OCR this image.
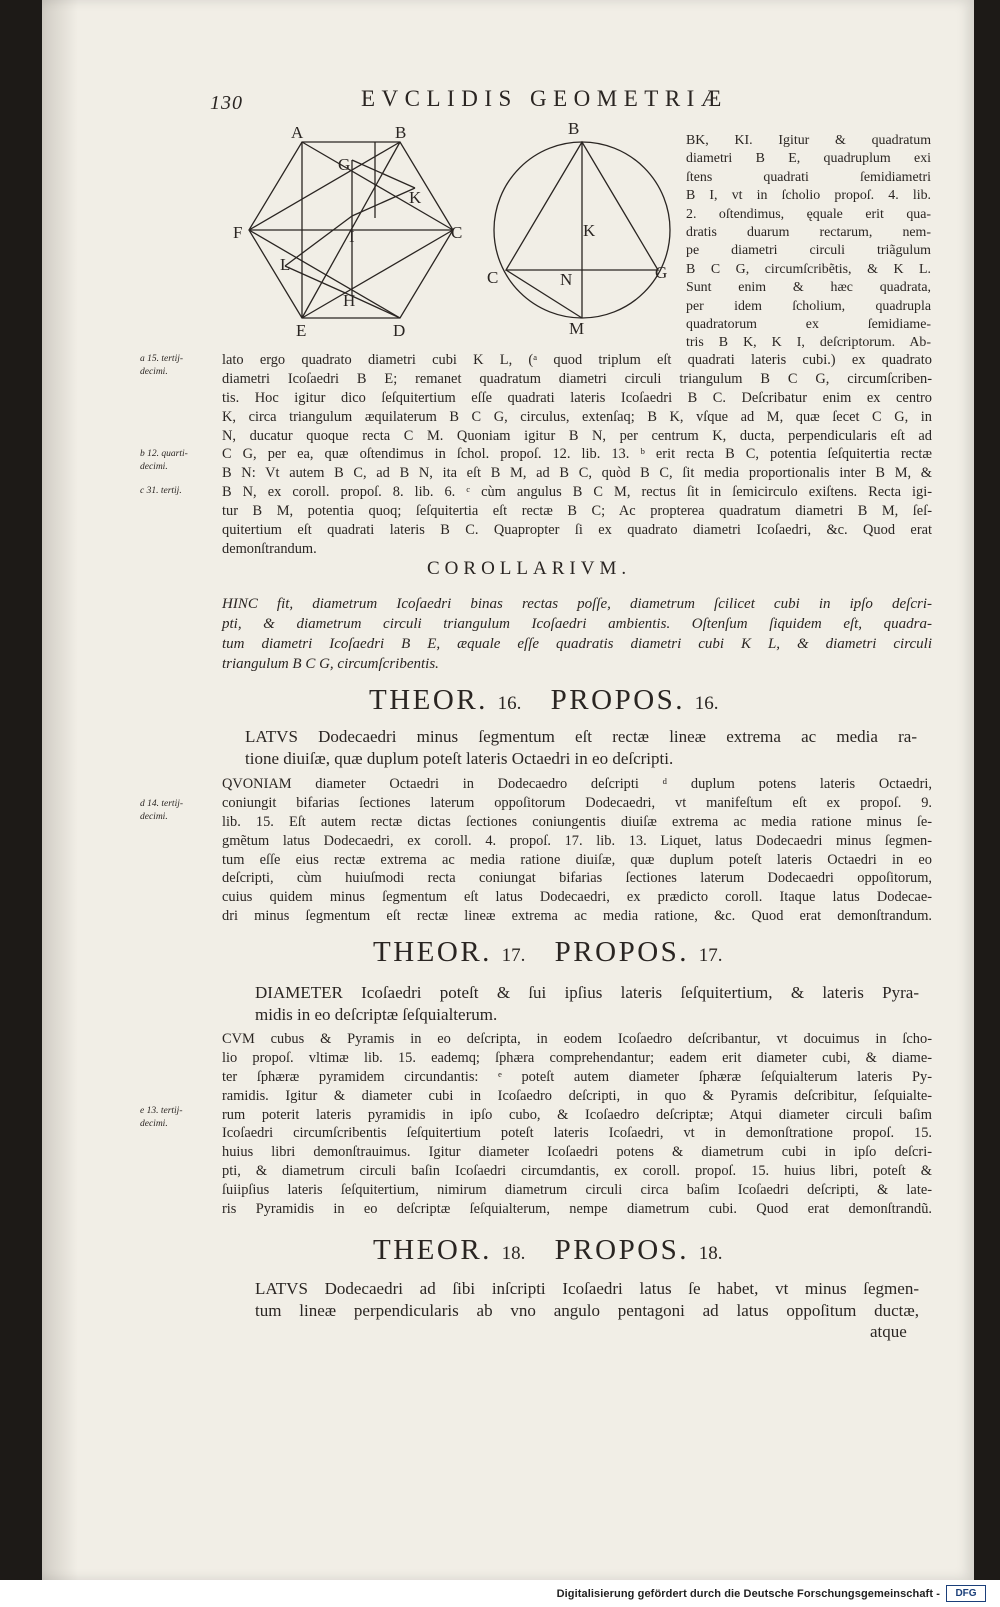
130	EVCLIDIS GEOMETRIÆ
A	B
G
K
F	I	C
L
H
E	D
B
K
C	N	G
M
BK, KI. Igitur & quadratum
diametri B E, quadruplum exi
ſtens quadrati ſemidiametri
B I, vt in ſcholio propoſ. 4. lib.
2. oſtendimus, ęquale erit qua-
dratis duarum rectarum, nem-
pe diametri circuli triãgulum
B C G, circumſcribẽtis, & K L.
Sunt enim & hæc quadrata,
per idem ſcholium, quadrupla
quadratorum ex ſemidiame-
tris B K, K I, deſcriptorum. Ab-
a 15. tertij-
decimi.
b 12. quarti-
decimi.
c 31. tertij.
d 14. tertij-
decimi.
e 13. tertij-
decimi.
lato ergo quadrato diametri cubi K L, (ᵃ quod triplum eſt quadrati lateris cubi.) ex quadrato
diametri Icoſaedri B E; remanet quadratum diametri circuli triangulum B C G, circumſcriben-
tis. Hoc igitur dico ſeſquitertium eſſe quadrati lateris Icoſaedri B C. Deſcribatur enim ex centro
K, circa triangulum æquilaterum B C G, circulus, extenſaq; B K, vſque ad M, quæ ſecet C G, in
N, ducatur quoque recta C M. Quoniam igitur B N, per centrum K, ducta, perpendicularis eſt ad
C G, per ea, quæ oſtendimus in ſchol. propoſ. 12. lib. 13. ᵇ erit recta B C, potentia ſeſquitertia rectæ
B N: Vt autem B C, ad B N, ita eſt B M, ad B C, quòd B C, ſit media proportionalis inter B M, &
B N, ex coroll. propoſ. 8. lib. 6. ᶜ cùm angulus B C M, rectus ſit in ſemicirculo exiſtens. Recta igi-
tur B M, potentia quoq; ſeſquitertia eſt rectæ B C; Ac propterea quadratum diametri B M, ſeſ-
quitertium eſt quadrati lateris B C. Quapropter ſi ex quadrato diametri Icoſaedri, &c. Quod erat
demonſtrandum.
COROLLARIVM.
HINC fit, diametrum Icoſaedri binas rectas poſſe, diametrum ſcilicet cubi in ipſo deſcri-
pti, & diametrum circuli triangulum Icoſaedri ambientis. Oſtenſum ſiquidem eſt, quadra-
tum diametri Icoſaedri B E, æquale eſſe quadratis diametri cubi K L, & diametri circuli
triangulum B C G, circumſcribentis.
THEOR. 16. PROPOS. 16.
LATVS Dodecaedri minus ſegmentum eſt rectæ lineæ extrema ac media ra-
tione diuiſæ, quæ duplum poteſt lateris Octaedri in eo deſcripti.
QVONIAM diameter Octaedri in Dodecaedro deſcripti ᵈ duplum potens lateris Octaedri,
coniungit bifarias ſectiones laterum oppoſitorum Dodecaedri, vt manifeſtum eſt ex propoſ. 9.
lib. 15. Eſt autem rectæ dictas ſectiones coniungentis diuiſæ extrema ac media ratione minus ſe-
gmẽtum latus Dodecaedri, ex coroll. 4. propoſ. 17. lib. 13. Liquet, latus Dodecaedri minus ſegmen-
tum eſſe eius rectæ extrema ac media ratione diuiſæ, quæ duplum poteſt lateris Octaedri in eo
deſcripti, cùm huiuſmodi recta coniungat bifarias ſectiones laterum Dodecaedri oppoſitorum,
cuius quidem minus ſegmentum eſt latus Dodecaedri, ex prædicto coroll. Itaque latus Dodecae-
dri minus ſegmentum eſt rectæ lineæ extrema ac media ratione, &c. Quod erat demonſtrandum.
THEOR. 17. PROPOS. 17.
DIAMETER Icoſaedri poteſt & ſui ipſius lateris ſeſquitertium, & lateris Pyra-
midis in eo deſcriptæ ſeſquialterum.
CVM cubus & Pyramis in eo deſcripta, in eodem Icoſaedro deſcribantur, vt docuimus in ſcho-
lio propoſ. vltimæ lib. 15. eademq; ſphæra comprehendantur; eadem erit diameter cubi, & diame-
ter ſphæræ pyramidem circundantis: ᵉ poteſt autem diameter ſphæræ ſeſquialterum lateris Py-
ramidis. Igitur & diameter cubi in Icoſaedro deſcripti, in quo & Pyramis deſcribitur, ſeſquialte-
rum poterit lateris pyramidis in ipſo cubo, & Icoſaedro deſcriptæ; Atqui diameter circuli baſim
Icoſaedri circumſcribentis ſeſquitertium poteſt lateris Icoſaedri, vt in demonſtratione propoſ. 15.
huius libri demonſtrauimus. Igitur diameter Icoſaedri potens & diametrum cubi in ipſo deſcri-
pti, & diametrum circuli baſin Icoſaedri circumdantis, ex coroll. propoſ. 15. huius libri, poteſt &
ſuiipſius lateris ſeſquitertium, nimirum diametrum circuli circa baſim Icoſaedri deſcripti, & late-
ris Pyramidis in eo deſcriptæ ſeſquialterum, nempe diametrum cubi. Quod erat demonſtrandũ.
THEOR. 18. PROPOS. 18.
LATVS Dodecaedri ad ſibi inſcripti Icoſaedri latus ſe habet, vt minus ſegmen-
tum lineæ perpendicularis ab vno angulo pentagoni ad latus oppoſitum ductæ,
atque
Digitalisierung gefördert durch die Deutsche Forschungsgemeinschaft -	DFG
